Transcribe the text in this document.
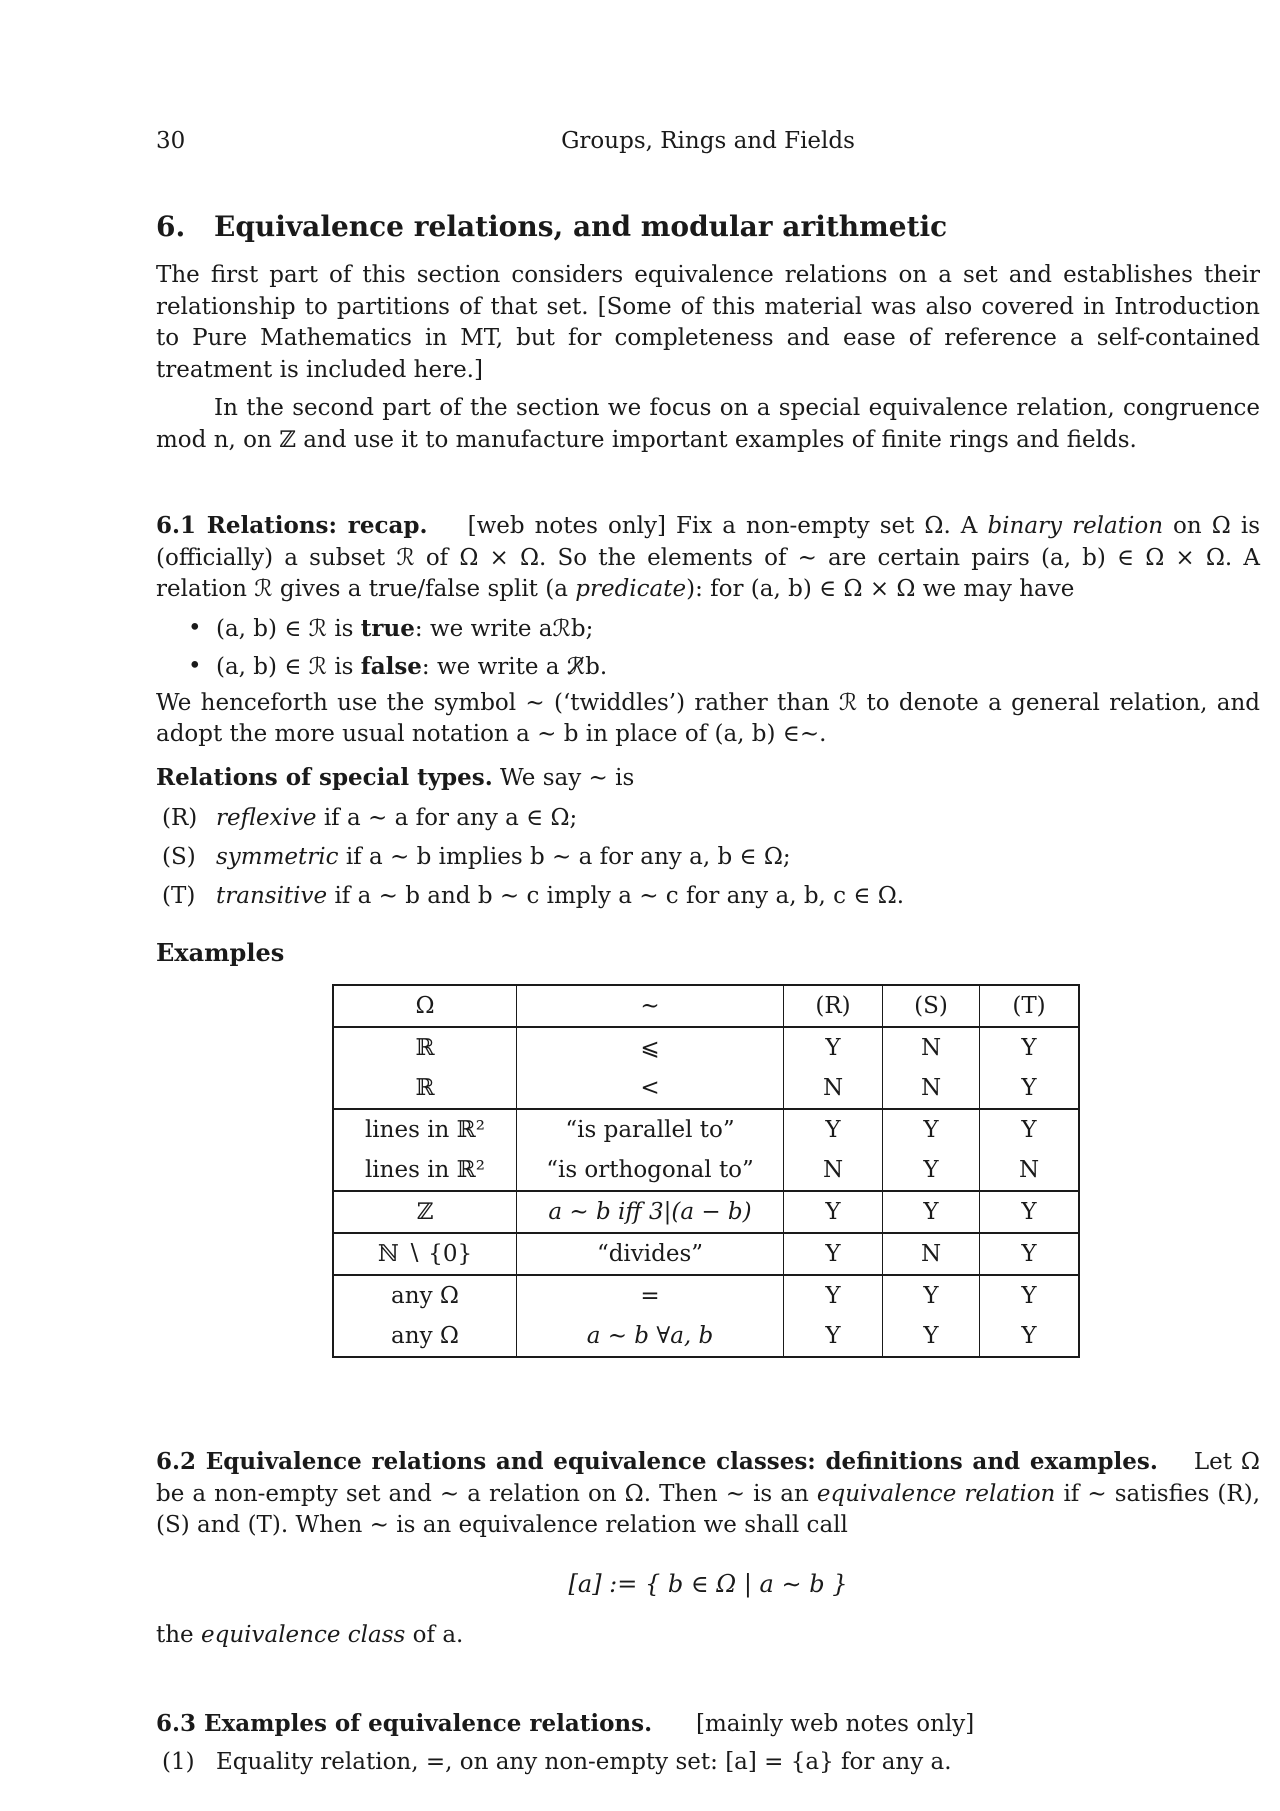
30	Groups, Rings and Fields
6. Equivalence relations, and modular arithmetic

The first part of this section considers equivalence relations on a set and establishes their relationship to partitions of that set. [Some of this material was also covered in Introduction to Pure Mathematics in MT, but for completeness and ease of reference a self-contained treatment is included here.]

In the second part of the section we focus on a special equivalence relation, congruence mod n, on ℤ and use it to manufacture important examples of finite rings and fields.

6.1 Relations: recap. [web notes only] Fix a non-empty set Ω. A binary relation on Ω is (officially) a subset ℛ of Ω × Ω. So the elements of ∼ are certain pairs (a, b) ∈ Ω × Ω. A relation ℛ gives a true/false split (a predicate): for (a, b) ∈ Ω × Ω we may have

• (a, b) ∈ ℛ is true: we write aℛb;
• (a, b) ∈ ℛ is false: we write a ℛ̸b.

We henceforth use the symbol ∼ (‘twiddles’) rather than ℛ to denote a general relation, and adopt the more usual notation a ∼ b in place of (a, b) ∈∼.

Relations of special types. We say ∼ is

(R) reflexive if a ∼ a for any a ∈ Ω;
(S) symmetric if a ∼ b implies b ∼ a for any a, b ∈ Ω;
(T) transitive if a ∼ b and b ∼ c imply a ∼ c for any a, b, c ∈ Ω.
Examples
Ω	∼	(R)	(S)	(T)
ℝ	⩽	Y	N	Y
ℝ	<	N	N	Y
lines in ℝ²	“is parallel to”	Y	Y	Y
lines in ℝ²	“is orthogonal to”	N	Y	N
ℤ	a ∼ b iff 3|(a − b)	Y	Y	Y
ℕ ∖ {0}	“divides”	Y	N	Y
any Ω	=	Y	Y	Y
any Ω	a ∼ b ∀a, b	Y	Y	Y

6.2 Equivalence relations and equivalence classes: definitions and examples. Let Ω be a non-empty set and ∼ a relation on Ω. Then ∼ is an equivalence relation if ∼ satisfies (R), (S) and (T). When ∼ is an equivalence relation we shall call

[a] := { b ∈ Ω | a ∼ b }

the equivalence class of a.

6.3 Examples of equivalence relations. [mainly web notes only]

(1) Equality relation, =, on any non-empty set: [a] = {a} for any a.
